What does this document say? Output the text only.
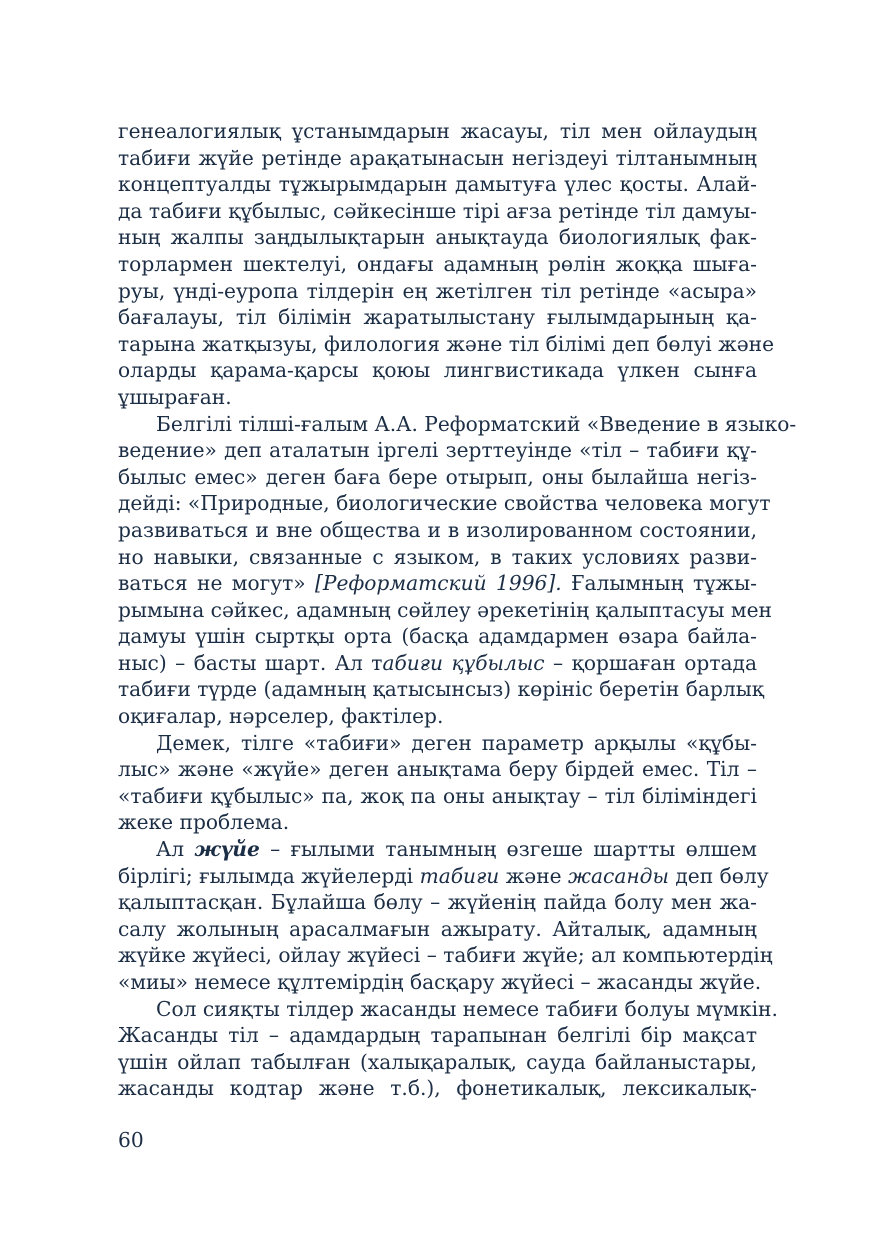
генеалогиялық ұстанымдарын жасауы, тіл мен ойлаудың
табиғи жүйе ретінде арақатынасын негіздеуі тілтанымның
концептуалды тұжырымдарын дамытуға үлес қосты. Алай-
да табиғи құбылыс, сәйкесінше тірі ағза ретінде тіл дамуы-
ның жалпы заңдылықтарын анықтауда биологиялық фак-
торлармен шектелуі, ондағы адамның рөлін жоққа шыға-
руы, үнді-еуропа тілдерін ең жетілген тіл ретінде «асыра»
бағалауы, тіл білімін жаратылыстану ғылымдарының қа-
тарына жатқызуы, филология және тіл білімі деп бөлуі және
оларды қарама-қарсы қоюы лингвистикада үлкен сынға
ұшыраған.
Белгілі тілші-ғалым А.А. Реформатский «Введение в языко-
ведение» деп аталатын іргелі зерттеуінде «тіл – табиғи құ-
былыс емес» деген баға бере отырып, оны былайша негіз-
дейді: «Природные, биологические свойства человека могут
развиваться и вне общества и в изолированном состоянии,
но навыки, связанные с языком, в таких условиях разви-
ваться не могут» [Реформатский 1996]. Ғалымның тұжы-
рымына сәйкес, адамның сөйлеу әрекетінің қалыптасуы мен
дамуы үшін сыртқы орта (басқа адамдармен өзара байла-
ныс) – басты шарт. Ал табиғи құбылыс – қоршаған ортада
табиғи түрде (адамның қатысынсыз) көрініс беретін барлық
оқиғалар, нәрселер, фактілер.
Демек, тілге «табиғи» деген параметр арқылы «құбы-
лыс» және «жүйе» деген анықтама беру бірдей емес. Тіл –
«табиғи құбылыс» па, жоқ па оны анықтау – тіл біліміндегі
жеке проблема.
Ал жүйе – ғылыми танымның өзгеше шартты өлшем
бірлігі; ғылымда жүйелерді табиғи және жасанды деп бөлу
қалыптасқан. Бұлайша бөлу – жүйенің пайда болу мен жа-
салу жолының арасалмағын ажырату. Айталық, адамның
жүйке жүйесі, ойлау жүйесі – табиғи жүйе; ал компьютердің
«миы» немесе құлтемірдің басқару жүйесі – жасанды жүйе.
Сол сияқты тілдер жасанды немесе табиғи болуы мүмкін.
Жасанды тіл – адамдардың тарапынан белгілі бір мақсат
үшін ойлап табылған (халықаралық, сауда байланыстары,
жасанды кодтар және т.б.), фонетикалық, лексикалық-
60
